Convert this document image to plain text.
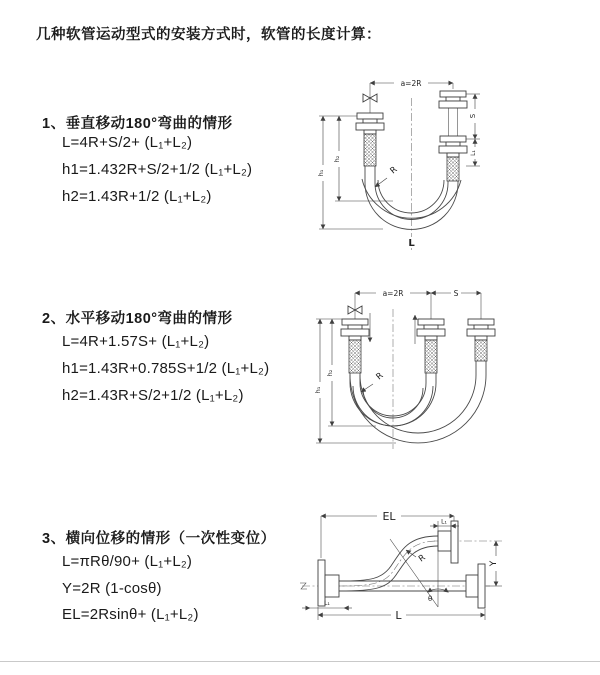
几种软管运动型式的安装方式时，软管的长度计算：
1、垂直移动180°弯曲的情形
L=4R+S/2+ (L₁+L₂)
h1=1.432R+S/2+1/2 (L₁+L₂)
h2=1.43R+1/2 (L₁+L₂)
a=2R
S
L₁
h₁
h₂
R
L
2、水平移动180°弯曲的情形
L=4R+1.57S+ (L₁+L₂)
h1=1.43R+0.785S+1/2 (L₁+L₂)
h2=1.43R+S/2+1/2 (L₁+L₂)
a=2R	S
h₁
h₂	R
3、横向位移的情形（一次性变位）
L=πRθ/90+ (L₁+L₂)
Y=2R (1-cosθ)
EL=2Rsinθ+ (L₁+L₂)
θ
EL	L₁
Y
L
L₁
R
